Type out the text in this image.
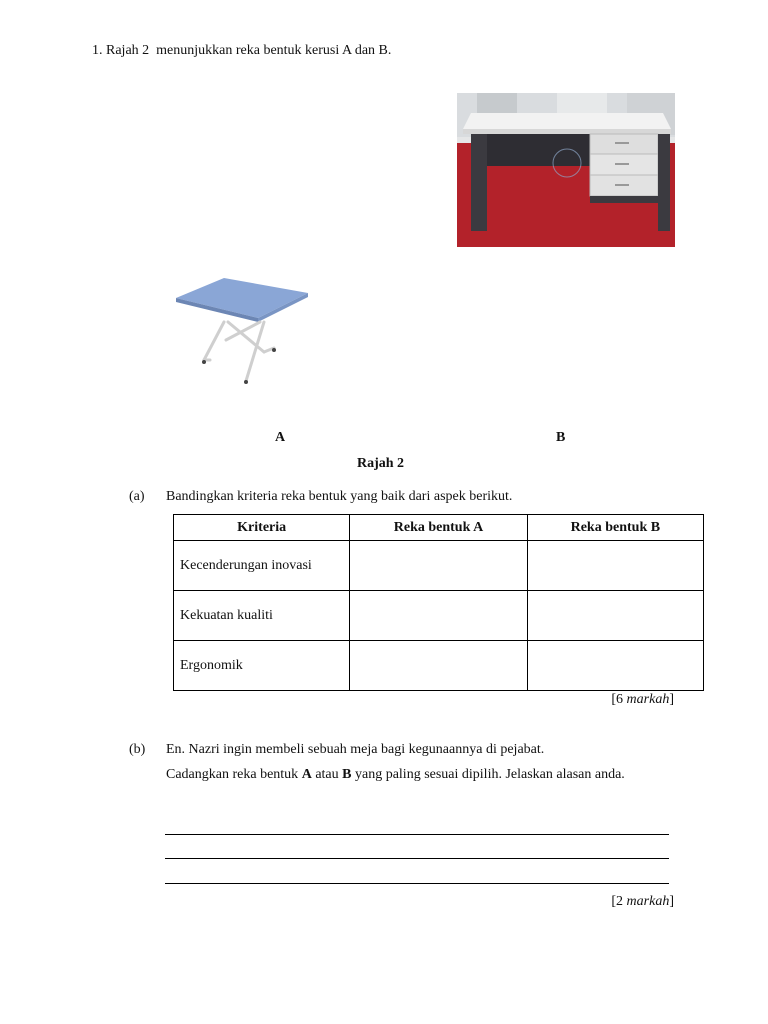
1. Rajah 2  menunjukkan reka bentuk kerusi A dan B.
A	B
Rajah 2
(a) Bandingkan kriteria reka bentuk yang baik dari aspek berikut.
Kriteria	Reka bentuk A	Reka bentuk B
Kecenderungan inovasi		
Kekuatan kualiti		
Ergonomik		
[6 markah]
(b) En. Nazri ingin membeli sebuah meja bagi kegunaannya di pejabat.
Cadangkan reka bentuk A atau B yang paling sesuai dipilih. Jelaskan alasan anda.
[2 markah]
